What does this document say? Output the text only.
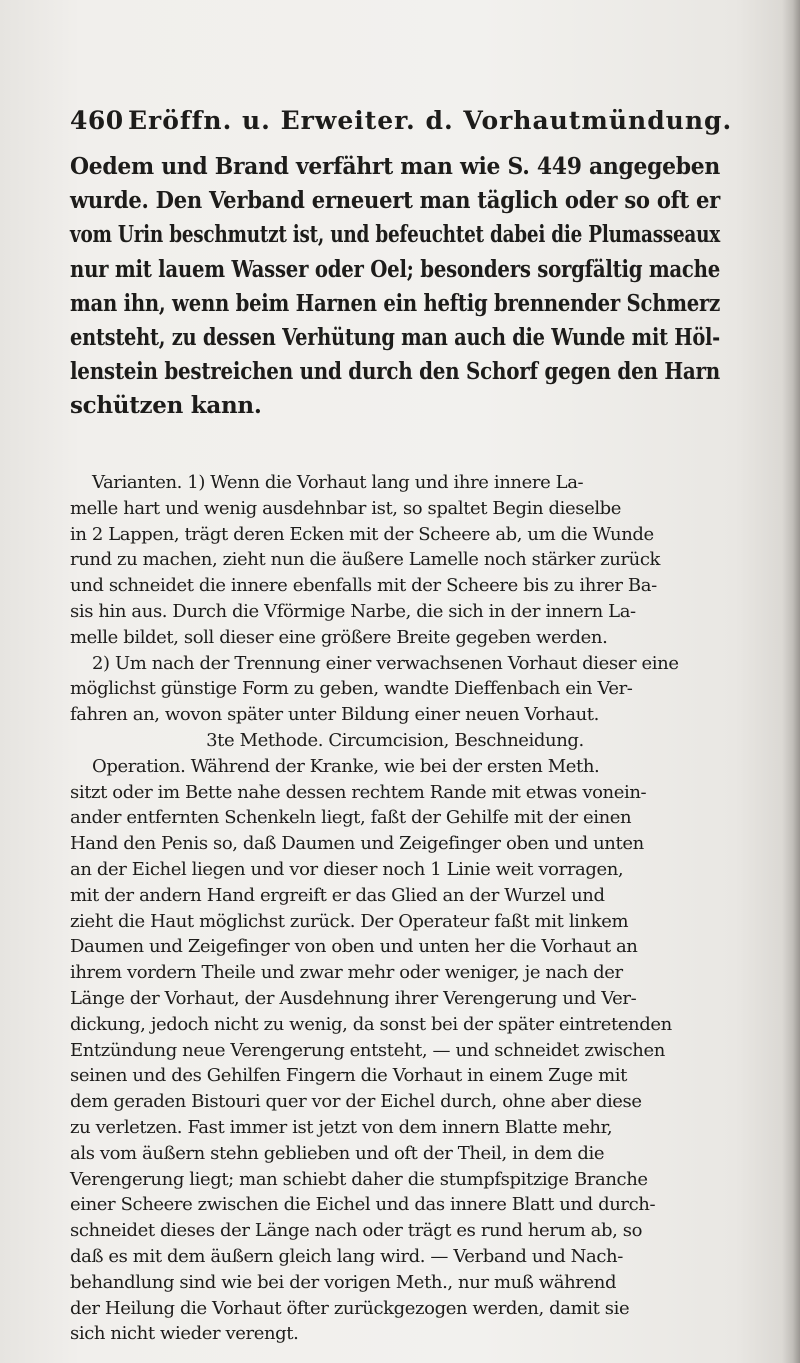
460 Eröffn. u. Erweiter. d. Vorhautmündung.
Oedem und Brand verfährt man wie S. 449 angegeben
wurde. Den Verband erneuert man täglich oder so oft er
vom Urin beschmutzt ist, und befeuchtet dabei die Plumasseaux
nur mit lauem Wasser oder Oel; besonders sorgfältig mache
man ihn, wenn beim Harnen ein heftig brennender Schmerz
entsteht, zu dessen Verhütung man auch die Wunde mit Höl-
lenstein bestreichen und durch den Schorf gegen den Harn
schützen kann.
Varianten. 1) Wenn die Vorhaut lang und ihre innere La-
melle hart und wenig ausdehnbar ist, so spaltet Begin dieselbe
in 2 Lappen, trägt deren Ecken mit der Scheere ab, um die Wunde
rund zu machen, zieht nun die äußere Lamelle noch stärker zurück
und schneidet die innere ebenfalls mit der Scheere bis zu ihrer Ba-
sis hin aus. Durch die Vförmige Narbe, die sich in der innern La-
melle bildet, soll dieser eine größere Breite gegeben werden.
2) Um nach der Trennung einer verwachsenen Vorhaut dieser eine
möglichst günstige Form zu geben, wandte Dieffenbach ein Ver-
fahren an, wovon später unter Bildung einer neuen Vorhaut.
3te Methode. Circumcision, Beschneidung.
Operation. Während der Kranke, wie bei der ersten Meth.
sitzt oder im Bette nahe dessen rechtem Rande mit etwas vonein-
ander entfernten Schenkeln liegt, faßt der Gehilfe mit der einen
Hand den Penis so, daß Daumen und Zeigefinger oben und unten
an der Eichel liegen und vor dieser noch 1 Linie weit vorragen,
mit der andern Hand ergreift er das Glied an der Wurzel und
zieht die Haut möglichst zurück. Der Operateur faßt mit linkem
Daumen und Zeigefinger von oben und unten her die Vorhaut an
ihrem vordern Theile und zwar mehr oder weniger, je nach der
Länge der Vorhaut, der Ausdehnung ihrer Verengerung und Ver-
dickung, jedoch nicht zu wenig, da sonst bei der später eintretenden
Entzündung neue Verengerung entsteht, — und schneidet zwischen
seinen und des Gehilfen Fingern die Vorhaut in einem Zuge mit
dem geraden Bistouri quer vor der Eichel durch, ohne aber diese
zu verletzen. Fast immer ist jetzt von dem innern Blatte mehr,
als vom äußern stehn geblieben und oft der Theil, in dem die
Verengerung liegt; man schiebt daher die stumpfspitzige Branche
einer Scheere zwischen die Eichel und das innere Blatt und durch-
schneidet dieses der Länge nach oder trägt es rund herum ab, so
daß es mit dem äußern gleich lang wird. — Verband und Nach-
behandlung sind wie bei der vorigen Meth., nur muß während
der Heilung die Vorhaut öfter zurückgezogen werden, damit sie
sich nicht wieder verengt.
